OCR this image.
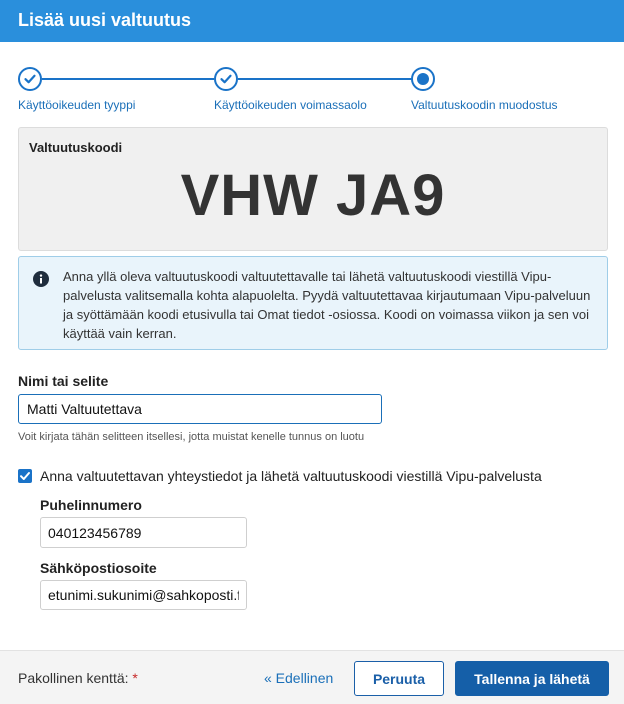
Lisää uusi valtuutus
Käyttöoikeuden tyyppi	Käyttöoikeuden voimassaolo	Valtuutuskoodin muodostus
Valtuutuskoodi
VHW JA9
Anna yllä oleva valtuutuskoodi valtuutettavalle tai lähetä valtuutuskoodi viestillä Vipu-palvelusta valitsemalla kohta alapuolelta. Pyydä valtuutettavaa kirjautumaan Vipu-palveluun ja syöttämään koodi etusivulla tai Omat tiedot -osiossa. Koodi on voimassa viikon ja sen voi käyttää vain kerran.
Nimi tai selite
Matti Valtuutettava
Voit kirjata tähän selitteen itsellesi, jotta muistat kenelle tunnus on luotu
Anna valtuutettavan yhteystiedot ja lähetä valtuutuskoodi viestillä Vipu-palvelusta
Puhelinnumero
040123456789
Sähköpostiosoite
etunimi.sukunimi@sahkoposti.fi
Pakollinen kenttä: *	« Edellinen	Peruuta	Tallenna ja lähetä
